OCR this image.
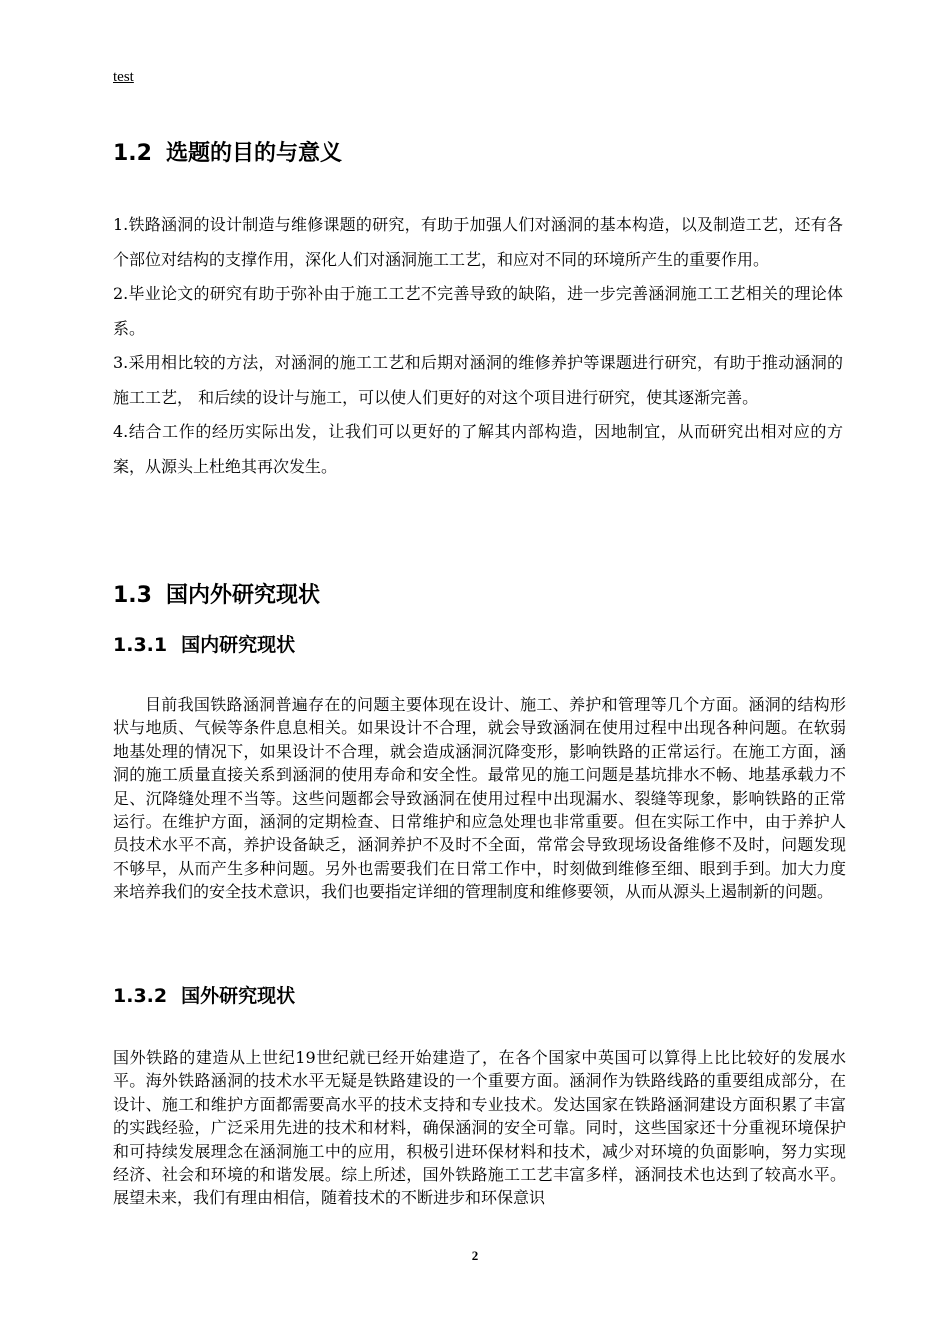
test
1.2 选题的目的与意义
1.铁路涵洞的设计制造与维修课题的研究，有助于加强人们对涵洞的基本构造，以及制造工艺，还有各个部位对结构的支撑作用，深化人们对涵洞施工工艺，和应对不同的环境所产生的重要作用。
2.毕业论文的研究有助于弥补由于施工工艺不完善导致的缺陷，进一步完善涵洞施工工艺相关的理论体系。
3.采用相比较的方法，对涵洞的施工工艺和后期对涵洞的维修养护等课题进行研究，有助于推动涵洞的施工工艺， 和后续的设计与施工，可以使人们更好的对这个项目进行研究，使其逐渐完善。
4.结合工作的经历实际出发，让我们可以更好的了解其内部构造，因地制宜，从而研究出相对应的方案，从源头上杜绝其再次发生。
1.3 国内外研究现状
1.3.1 国内研究现状

目前我国铁路涵洞普遍存在的问题主要体现在设计、施工、养护和管理等几个方面。涵洞的结构形状与地质、气候等条件息息相关。如果设计不合理，就会导致涵洞在使用过程中出现各种问题。在软弱地基处理的情况下，如果设计不合理，就会造成涵洞沉降变形，影响铁路的正常运行。在施工方面，涵洞的施工质量直接关系到涵洞的使用寿命和安全性。最常见的施工问题是基坑排水不畅、地基承载力不足、沉降缝处理不当等。这些问题都会导致涵洞在使用过程中出现漏水、裂缝等现象，影响铁路的正常运行。在维护方面，涵洞的定期检查、日常维护和应急处理也非常重要。但在实际工作中，由于养护人员技术水平不高，养护设备缺乏，涵洞养护不及时不全面，常常会导致现场设备维修不及时，问题发现不够早，从而产生多种问题。另外也需要我们在日常工作中，时刻做到维修至细、眼到手到。加大力度来培养我们的安全技术意识，我们也要指定详细的管理制度和维修要领，从而从源头上遏制新的问题。

1.3.2 国外研究现状

国外铁路的建造从上世纪19世纪就已经开始建造了，在各个国家中英国可以算得上比比较好的发展水平。海外铁路涵洞的技术水平无疑是铁路建设的一个重要方面。涵洞作为铁路线路的重要组成部分，在设计、施工和维护方面都需要高水平的技术支持和专业技术。发达国家在铁路涵洞建设方面积累了丰富的实践经验，广泛采用先进的技术和材料，确保涵洞的安全可靠。同时，这些国家还十分重视环境保护和可持续发展理念在涵洞施工中的应用，积极引进环保材料和技术，减少对环境的负面影响，努力实现经济、社会和环境的和谐发展。综上所述，国外铁路施工工艺丰富多样，涵洞技术也达到了较高水平。展望未来，我们有理由相信，随着技术的不断进步和环保意识

2
